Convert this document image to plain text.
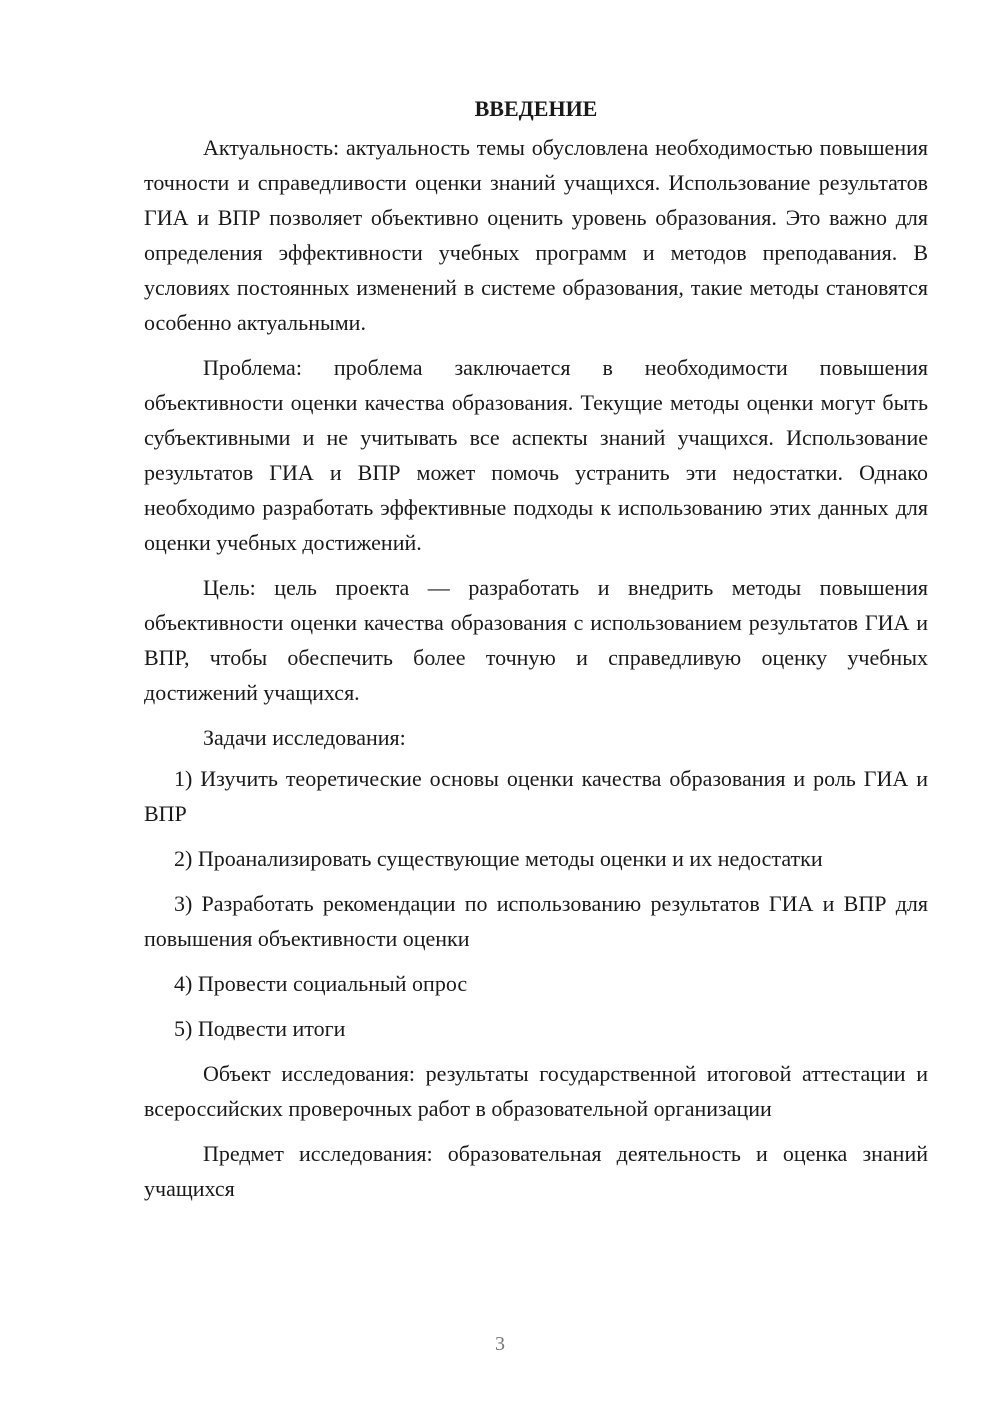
ВВЕДЕНИЕ

Актуальность: актуальность темы обусловлена необходимостью повышения точности и справедливости оценки знаний учащихся. Использование результатов ГИА и ВПР позволяет объективно оценить уровень образования. Это важно для определения эффективности учебных программ и методов преподавания. В условиях постоянных изменений в системе образования, такие методы становятся особенно актуальными.

Проблема: проблема заключается в необходимости повышения объективности оценки качества образования. Текущие методы оценки могут быть субъективными и не учитывать все аспекты знаний учащихся. Использование результатов ГИА и ВПР может помочь устранить эти недостатки. Однако необходимо разработать эффективные подходы к использованию этих данных для оценки учебных достижений.

Цель: цель проекта — разработать и внедрить методы повышения объективности оценки качества образования с использованием результатов ГИА и ВПР, чтобы обеспечить более точную и справедливую оценку учебных достижений учащихся.

Задачи исследования:

1) Изучить теоретические основы оценки качества образования и роль ГИА и ВПР

2) Проанализировать существующие методы оценки и их недостатки

3) Разработать рекомендации по использованию результатов ГИА и ВПР для повышения объективности оценки

4) Провести социальный опрос

5) Подвести итоги

Объект исследования: результаты государственной итоговой аттестации и всероссийских проверочных работ в образовательной организации

Предмет исследования: образовательная деятельность и оценка знаний учащихся

3
